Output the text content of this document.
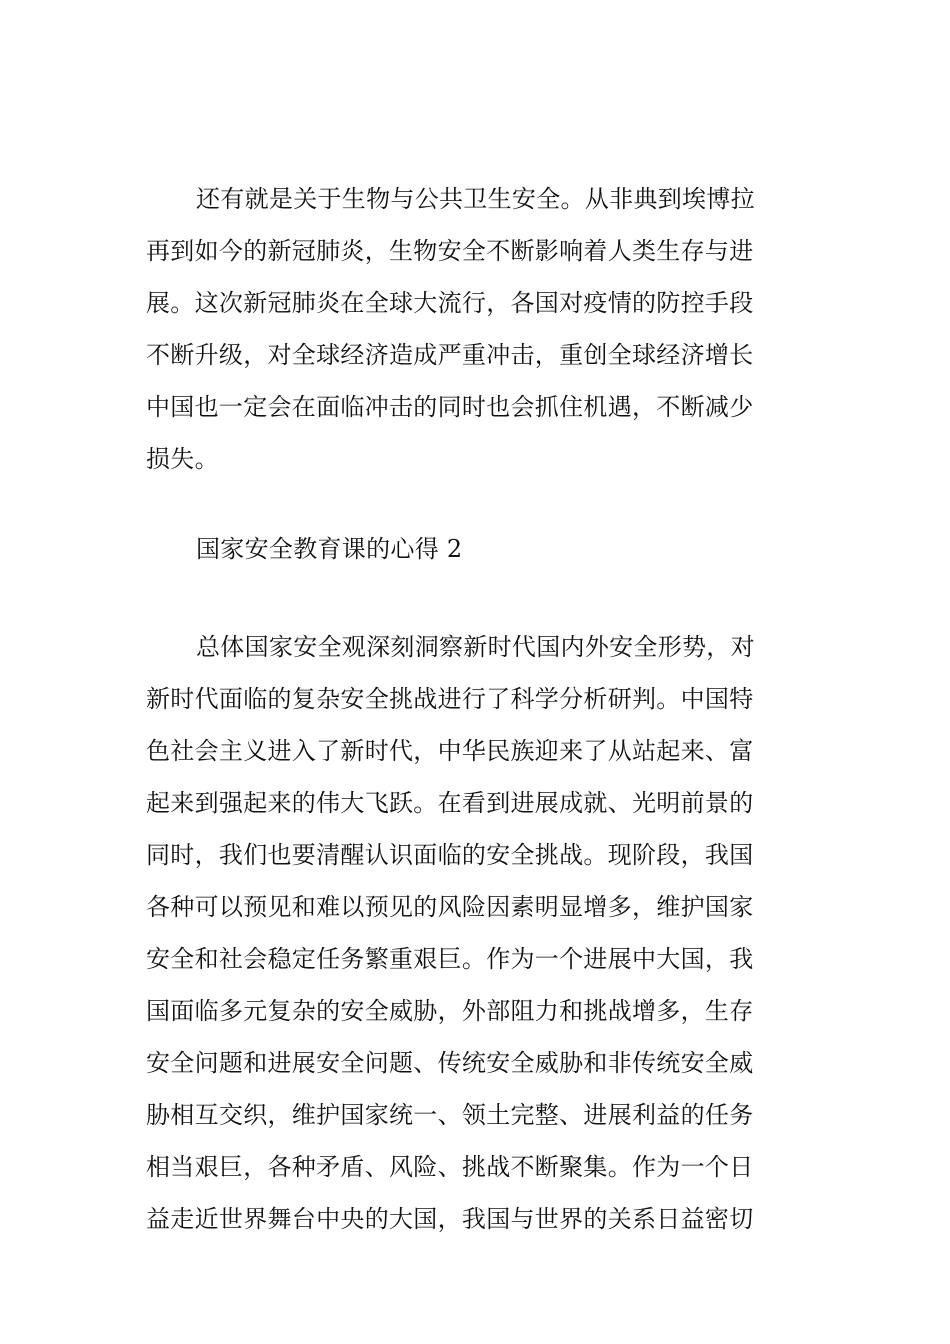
还有就是关于生物与公共卫生安全。从非典到埃博拉
再到如今的新冠肺炎，生物安全不断影响着人类生存与进
展。这次新冠肺炎在全球大流行，各国对疫情的防控手段
不断升级，对全球经济造成严重冲击，重创全球经济增长
中国也一定会在面临冲击的同时也会抓住机遇，不断减少
损失。
国家安全教育课的心得 2
总体国家安全观深刻洞察新时代国内外安全形势，对
新时代面临的复杂安全挑战进行了科学分析研判。中国特
色社会主义进入了新时代，中华民族迎来了从站起来、富
起来到强起来的伟大飞跃。在看到进展成就、光明前景的
同时，我们也要清醒认识面临的安全挑战。现阶段，我国
各种可以预见和难以预见的风险因素明显增多，维护国家
安全和社会稳定任务繁重艰巨。作为一个进展中大国，我
国面临多元复杂的安全威胁，外部阻力和挑战增多，生存
安全问题和进展安全问题、传统安全威胁和非传统安全威
胁相互交织，维护国家统一、领土完整、进展利益的任务
相当艰巨，各种矛盾、风险、挑战不断聚集。作为一个日
益走近世界舞台中央的大国，我国与世界的关系日益密切
